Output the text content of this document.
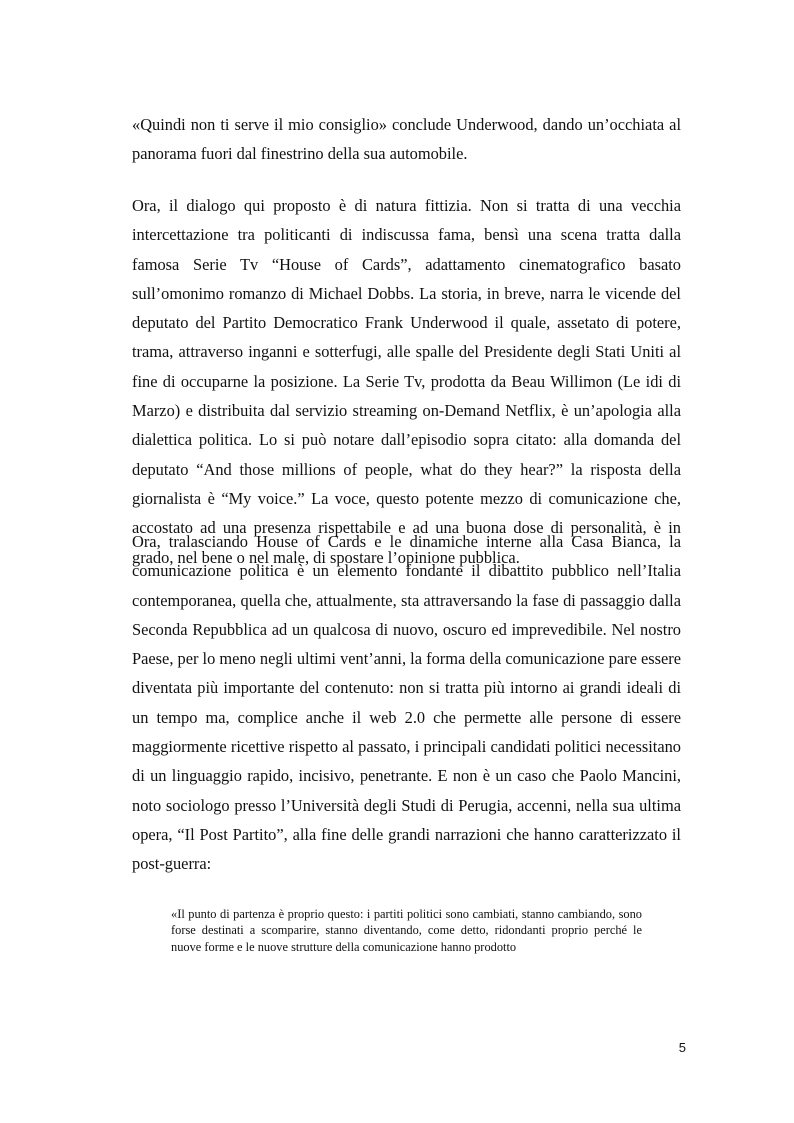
«Quindi non ti serve il mio consiglio» conclude Underwood, dando un’occhiata al panorama fuori dal finestrino della sua automobile.

Ora, il dialogo qui proposto è di natura fittizia. Non si tratta di una vecchia intercettazione tra politicanti di indiscussa fama, bensì una scena tratta dalla famosa Serie Tv “House of Cards”, adattamento cinematografico basato sull’omonimo romanzo di Michael Dobbs. La storia, in breve, narra le vicende del deputato del Partito Democratico Frank Underwood il quale, assetato di potere, trama, attraverso inganni e sotterfugi, alle spalle del Presidente degli Stati Uniti al fine di occuparne la posizione. La Serie Tv, prodotta da Beau Willimon (Le idi di Marzo) e distribuita dal servizio streaming on-Demand Netflix, è un’apologia alla dialettica politica. Lo si può notare dall’episodio sopra citato: alla domanda del deputato “And those millions of people, what do they hear?” la risposta della giornalista è “My voice.” La voce, questo potente mezzo di comunicazione che, accostato ad una presenza rispettabile e ad una buona dose di personalità, è in grado, nel bene o nel male, di spostare l’opinione pubblica.

Ora, tralasciando House of Cards e le dinamiche interne alla Casa Bianca, la comunicazione politica è un elemento fondante il dibattito pubblico nell’Italia contemporanea, quella che, attualmente, sta attraversando la fase di passaggio dalla Seconda Repubblica ad un qualcosa di nuovo, oscuro ed imprevedibile. Nel nostro Paese, per lo meno negli ultimi vent’anni, la forma della comunicazione pare essere diventata più importante del contenuto: non si tratta più intorno ai grandi ideali di un tempo ma, complice anche il web 2.0 che permette alle persone di essere maggiormente ricettive rispetto al passato, i principali candidati politici necessitano di un linguaggio rapido, incisivo, penetrante. E non è un caso che Paolo Mancini, noto sociologo presso l’Università degli Studi di Perugia, accenni, nella sua ultima opera, “Il Post Partito”, alla fine delle grandi narrazioni che hanno caratterizzato il post-guerra:

«Il punto di partenza è proprio questo: i partiti politici sono cambiati, stanno cambiando, sono forse destinati a scomparire, stanno diventando, come detto, ridondanti proprio perché le nuove forme e le nuove strutture della comunicazione hanno prodotto

5
